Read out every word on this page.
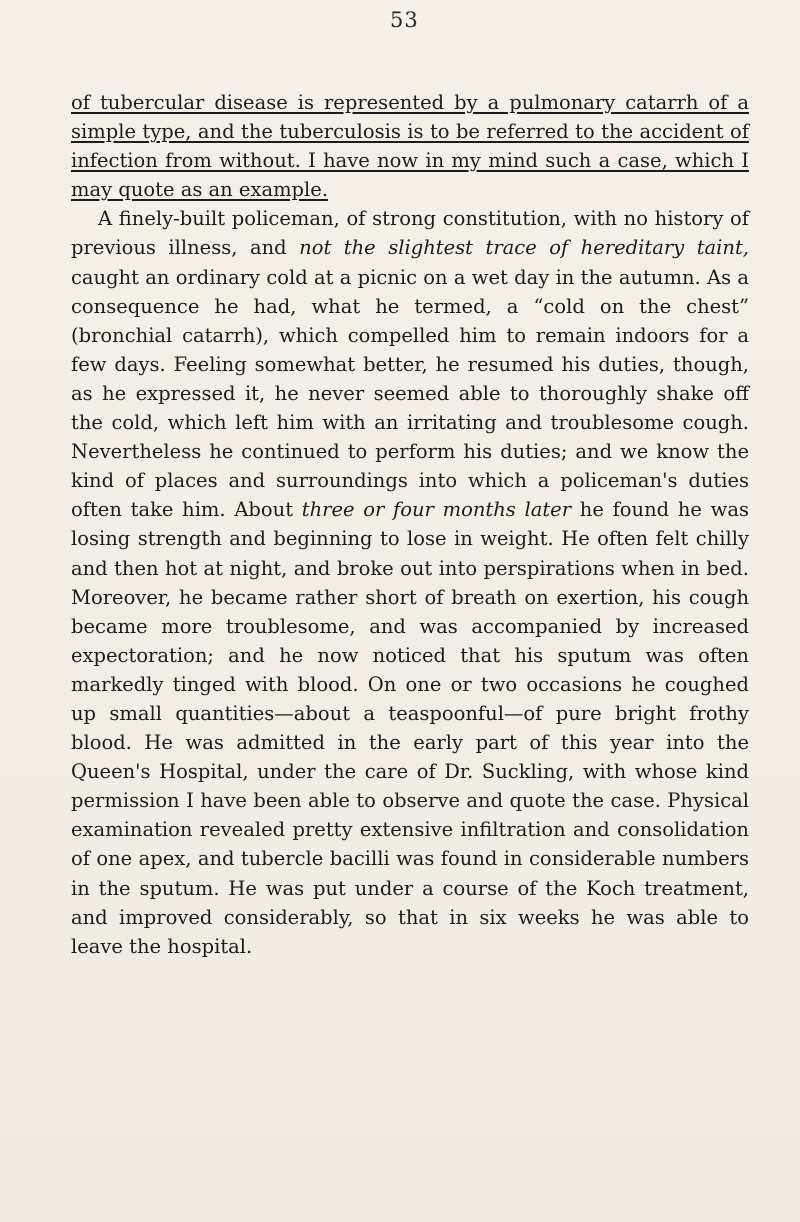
53

of tubercular disease is represented by a pulmonary catarrh of a simple type, and the tuberculosis is to be referred to the accident of infection from without. I have now in my mind such a case, which I may quote as an example.

A finely-built policeman, of strong constitution, with no history of previous illness, and not the slightest trace of hereditary taint, caught an ordinary cold at a picnic on a wet day in the autumn. As a consequence he had, what he termed, a “cold on the chest” (bronchial catarrh), which compelled him to remain indoors for a few days. Feeling somewhat better, he resumed his duties, though, as he expressed it, he never seemed able to thoroughly shake off the cold, which left him with an irritating and troublesome cough. Nevertheless he continued to perform his duties; and we know the kind of places and surroundings into which a policeman's duties often take him. About three or four months later he found he was losing strength and beginning to lose in weight. He often felt chilly and then hot at night, and broke out into perspirations when in bed. Moreover, he became rather short of breath on exertion, his cough became more troublesome, and was accompanied by increased expectoration; and he now noticed that his sputum was often markedly tinged with blood. On one or two occasions he coughed up small quantities—about a teaspoonful—of pure bright frothy blood. He was admitted in the early part of this year into the Queen's Hospital, under the care of Dr. Suckling, with whose kind permission I have been able to observe and quote the case. Physical examination revealed pretty extensive infiltration and consolidation of one apex, and tubercle bacilli was found in considerable numbers in the sputum. He was put under a course of the Koch treatment, and improved considerably, so that in six weeks he was able to leave the hospital.
